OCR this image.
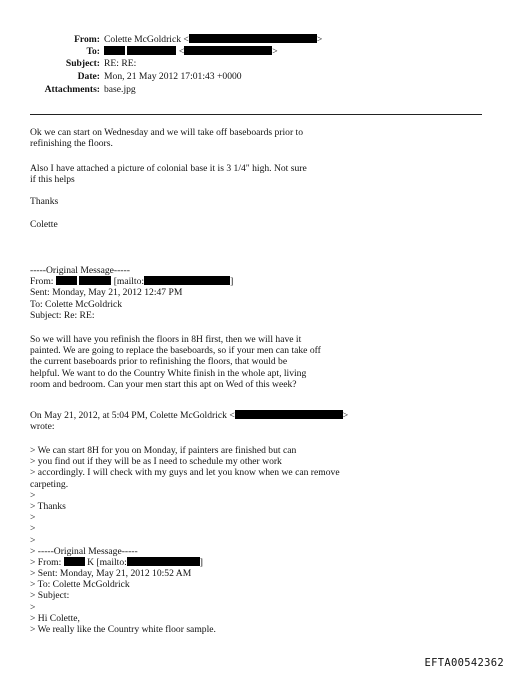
From: Colette McGoldrick <	>
To:	<	>
Subject: RE: RE:
Date: Mon, 21 May 2012 17:01:43 +0000
Attachments: base.jpg
Ok we can start on Wednesday and we will take off baseboards prior to
refinishing the floors.
Also I have attached a picture of colonial base it is 3 1/4" high. Not sure
if this helps
Thanks
Colette
-----Original Message-----
From:	[mailto:	]
Sent: Monday, May 21, 2012 12:47 PM
To: Colette McGoldrick
Subject: Re: RE:
So we will have you refinish the floors in 8H first, then we will have it
painted. We are going to replace the baseboards, so if your men can take off
the current baseboards prior to refinishing the floors, that would be
helpful. We want to do the Country White finish in the whole apt, living
room and bedroom. Can your men start this apt on Wed of this week?
On May 21, 2012, at 5:04 PM, Colette McGoldrick <	>
wrote:
> We can start 8H for you on Monday, if painters are finished but can
> you find out if they will be as I need to schedule my other work
> accordingly. I will check with my guys and let you know when we can remove
carpeting.
>
> Thanks
>
>
>
> -----Original Message-----
> From:	K [mailto:	]
> Sent: Monday, May 21, 2012 10:52 AM
> To: Colette McGoldrick
> Subject:
>
> Hi Colette,
> We really like the Country white floor sample.
EFTA00542362
